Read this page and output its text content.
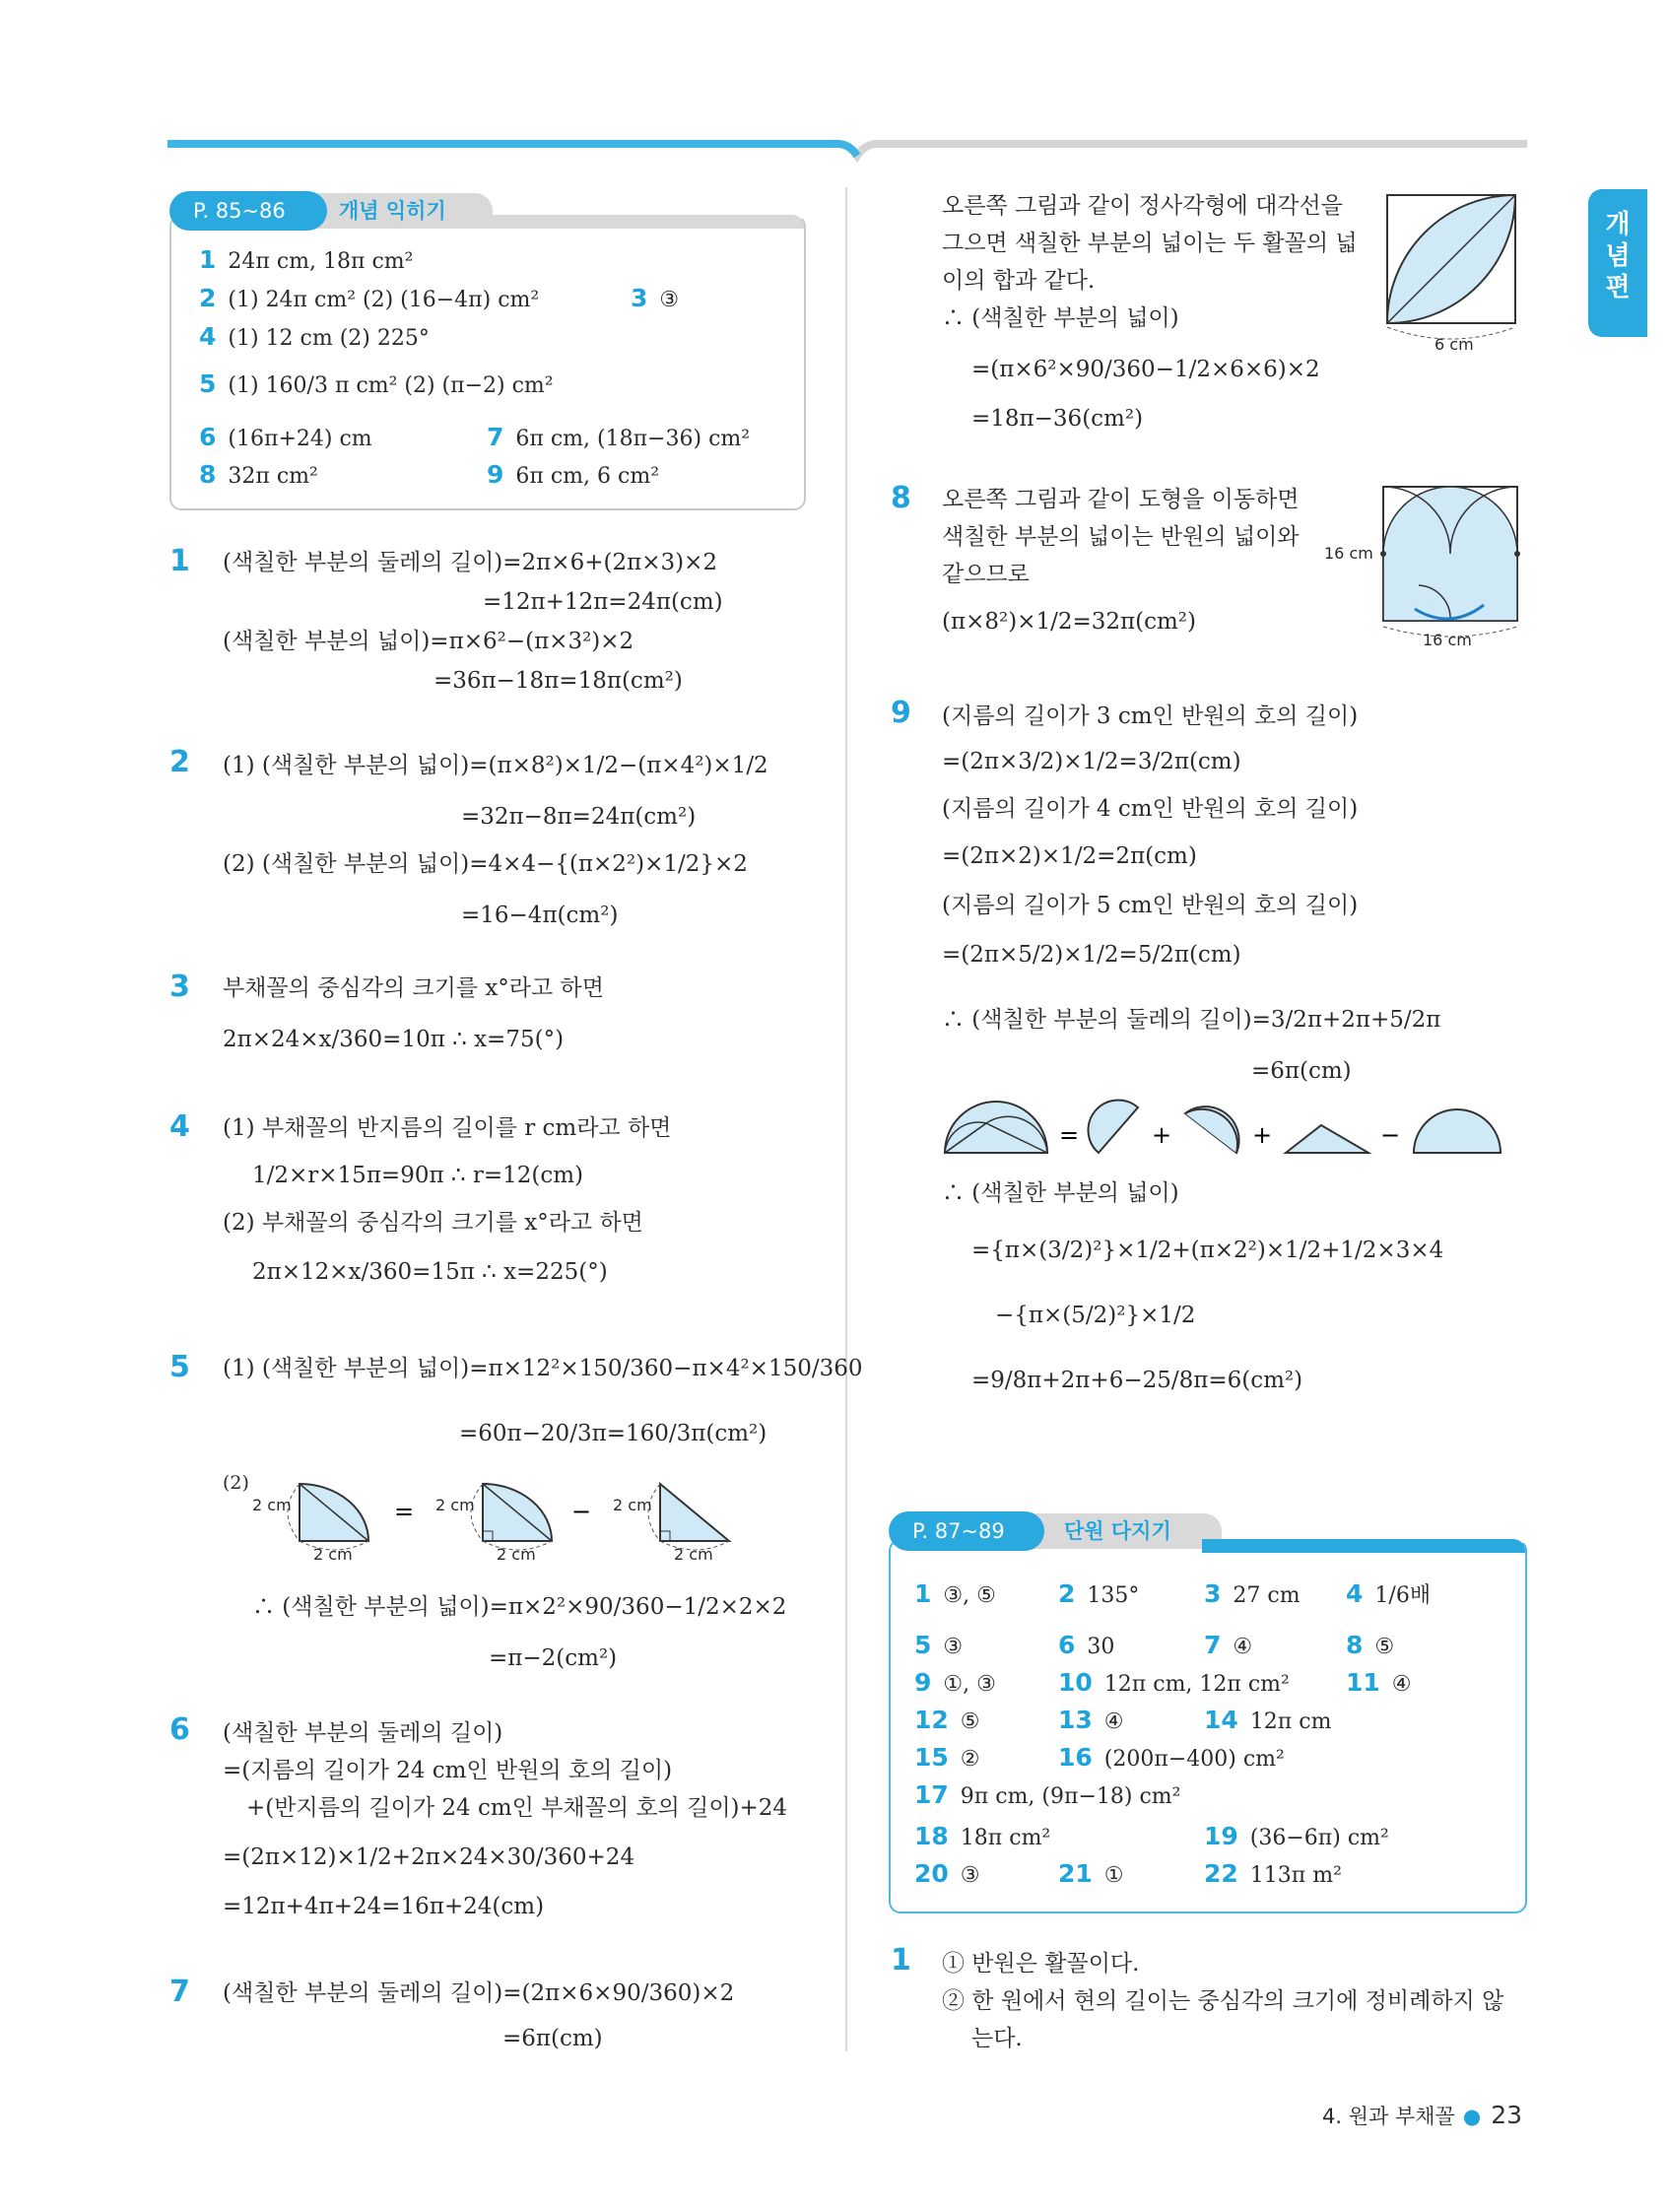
개
념
편
개념 익히기
P. 85~86
1 24π cm, 18π cm²
2 (1) 24π cm² (2) (16−4π) cm²	3 ③
4 (1) 12 cm (2) 225°
5 (1) 160/3 π cm² (2) (π−2) cm²
6 (16π+24) cm	7 6π cm, (18π−36) cm²
8 32π cm²	9 6π cm, 6 cm²
1 (색칠한 부분의 둘레의 길이)=2π×6+(2π×3)×2
=12π+12π=24π(cm)
(색칠한 부분의 넓이)=π×6²−(π×3²)×2
=36π−18π=18π(cm²)
2 (1) (색칠한 부분의 넓이)=(π×8²)×1/2−(π×4²)×1/2
=32π−8π=24π(cm²)
(2) (색칠한 부분의 넓이)=4×4−{(π×2²)×1/2}×2
=16−4π(cm²)
3 부채꼴의 중심각의 크기를 x°라고 하면
2π×24×x/360=10π ∴ x=75(°)
4 (1) 부채꼴의 반지름의 길이를 r cm라고 하면
1/2×r×15π=90π ∴ r=12(cm)
(2) 부채꼴의 중심각의 크기를 x°라고 하면
2π×12×x/360=15π ∴ x=225(°)
5 (1) (색칠한 부분의 넓이)=π×12²×150/360−π×4²×150/360
=60π−20/3π=160/3π(cm²)
(2)
=	−
2 cm
2 cm
2 cm
2 cm
2 cm
2 cm
∴ (색칠한 부분의 넓이)=π×2²×90/360−1/2×2×2
=π−2(cm²)
6 (색칠한 부분의 둘레의 길이)
=(지름의 길이가 24 cm인 반원의 호의 길이)
+(반지름의 길이가 24 cm인 부채꼴의 호의 길이)+24
=(2π×12)×1/2+2π×24×30/360+24
=12π+4π+24=16π+24(cm)
7 (색칠한 부분의 둘레의 길이)=(2π×6×90/360)×2
=6π(cm)
오른쪽 그림과 같이 정사각형에 대각선을
그으면 색칠한 부분의 넓이는 두 활꼴의 넓
이의 합과 같다.
∴ (색칠한 부분의 넓이)
=(π×6²×90/360−1/2×6×6)×2
=18π−36(cm²)
6 cm
8 오른쪽 그림과 같이 도형을 이동하면
색칠한 부분의 넓이는 반원의 넓이와
같으므로
(π×8²)×1/2=32π(cm²)
16 cm
16 cm
9 (지름의 길이가 3 cm인 반원의 호의 길이)
=(2π×3/2)×1/2=3/2π(cm)
(지름의 길이가 4 cm인 반원의 호의 길이)
=(2π×2)×1/2=2π(cm)
(지름의 길이가 5 cm인 반원의 호의 길이)
=(2π×5/2)×1/2=5/2π(cm)
∴ (색칠한 부분의 둘레의 길이)=3/2π+2π+5/2π
=6π(cm)
=	+	+	−
∴ (색칠한 부분의 넓이)
={π×(3/2)²}×1/2+(π×2²)×1/2+1/2×3×4
−{π×(5/2)²}×1/2
=9/8π+2π+6−25/8π=6(cm²)
단원 다지기
P. 87~89
1 ③, ⑤	2 135°	3 27 cm 4 1/6배
5 ③	6 30	7 ④	8 ⑤
9 ①, ③	10 12π cm, 12π cm² 11 ④
12 ⑤	13 ④	14 12π cm
15 ②	16 (200π−400) cm²
17 9π cm, (9π−18) cm²
18 18π cm²	19 (36−6π) cm²
20 ③	21 ①	22 113π m²
1 ① 반원은 활꼴이다.
② 한 원에서 현의 길이는 중심각의 크기에 정비례하지 않
는다.
4. 원과 부채꼴 ● 23
